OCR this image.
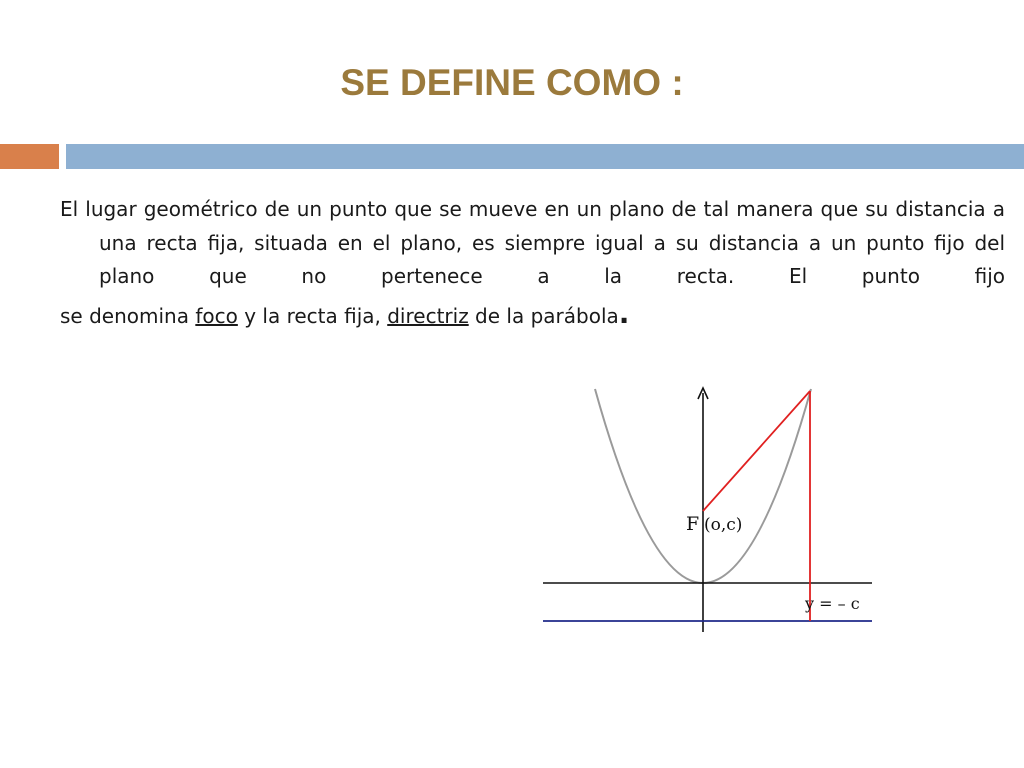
SE DEFINE COMO :

El lugar geométrico de un punto que se mueve en un plano de tal manera que su distancia a una recta fija, situada en el plano, es siempre igual a su distancia a un punto fijo del plano que no pertenece a la recta. El punto fijo se denomina foco y la recta fija, directriz de la parábola.

F (o,c)
y = – c
